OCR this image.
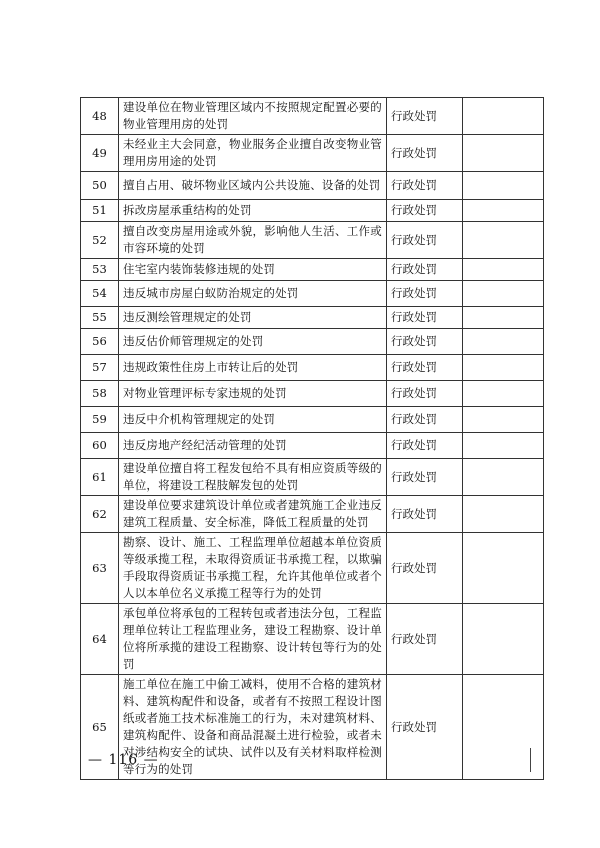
48	建设单位在物业管理区域内不按照规定配置必要的物业管理用房的处罚	行政处罚	
49	未经业主大会同意，物业服务企业擅自改变物业管理用房用途的处罚	行政处罚	
50	擅自占用、破坏物业区域内公共设施、设备的处罚	行政处罚	
51	拆改房屋承重结构的处罚	行政处罚	
52	擅自改变房屋用途或外貌，影响他人生活、工作或市容环境的处罚	行政处罚	
53	住宅室内装饰装修违规的处罚	行政处罚	
54	违反城市房屋白蚁防治规定的处罚	行政处罚	
55	违反测绘管理规定的处罚	行政处罚	
56	违反估价师管理规定的处罚	行政处罚	
57	违规政策性住房上市转让后的处罚	行政处罚	
58	对物业管理评标专家违规的处罚	行政处罚	
59	违反中介机构管理规定的处罚	行政处罚	
60	违反房地产经纪活动管理的处罚	行政处罚	
61	建设单位擅自将工程发包给不具有相应资质等级的单位，将建设工程肢解发包的处罚	行政处罚	
62	建设单位要求建筑设计单位或者建筑施工企业违反建筑工程质量、安全标准，降低工程质量的处罚	行政处罚	
63	勘察、设计、施工、工程监理单位超越本单位资质等级承揽工程，未取得资质证书承揽工程，以欺骗手段取得资质证书承揽工程，允许其他单位或者个人以本单位名义承揽工程等行为的处罚	行政处罚	
64	承包单位将承包的工程转包或者违法分包，工程监理单位转让工程监理业务，建设工程勘察、设计单位将所承揽的建设工程勘察、设计转包等行为的处罚	行政处罚	
65	施工单位在施工中偷工减料，使用不合格的建筑材料、建筑构配件和设备，或者有不按照工程设计图纸或者施工技术标准施工的行为，未对建筑材料、建筑构配件、设备和商品混凝土进行检验，或者未对涉结构安全的试块、试件以及有关材料取样检测等行为的处罚	行政处罚	
— 116 —
